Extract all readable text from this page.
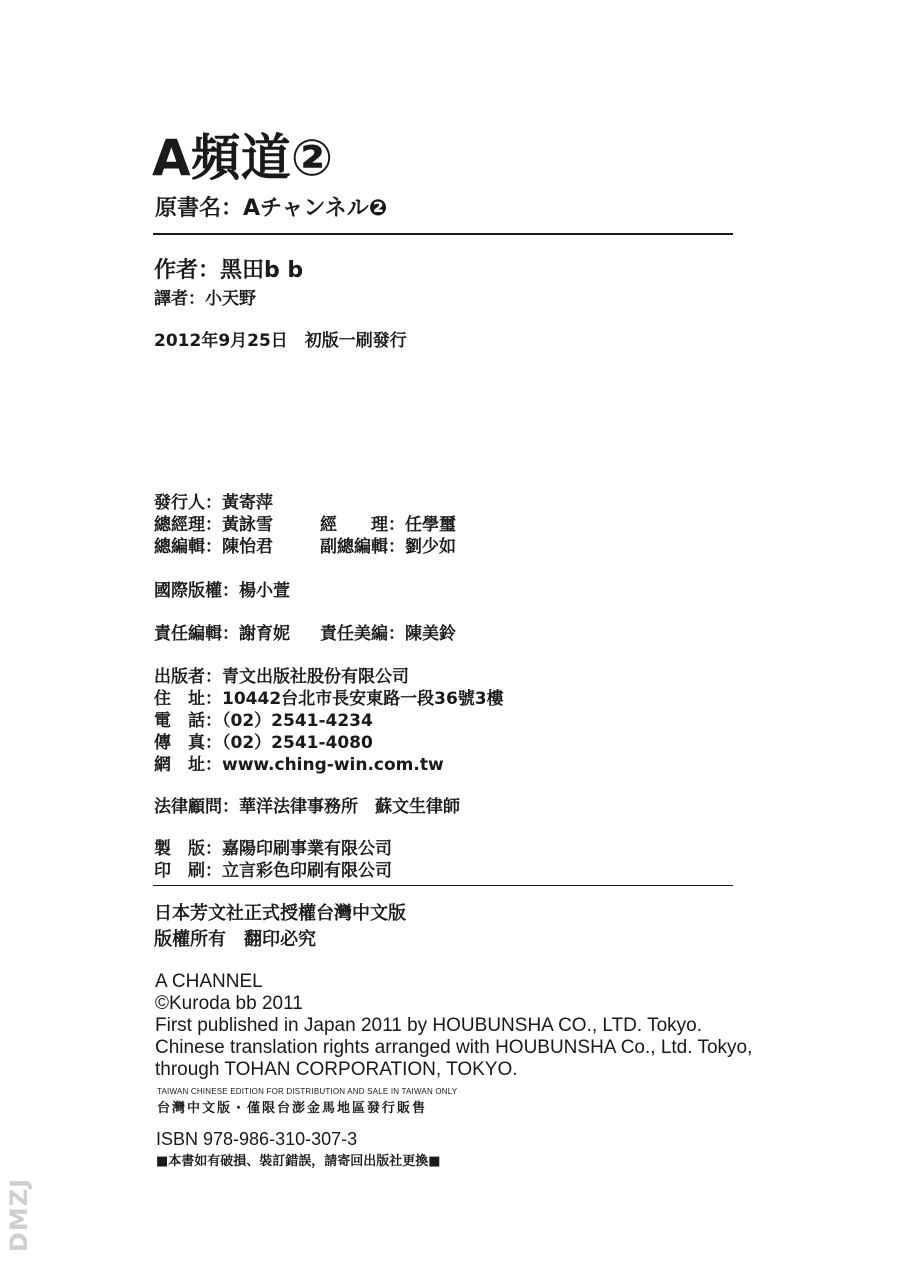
A頻道②
原書名：Aチャンネル❷
作者：黑田b b
譯者：小天野
2012年9月25日　初版一刷發行
發行人：黃寄萍
總經理：黃詠雪	經　　理：任學璽
總編輯：陳怡君	副總編輯：劉少如
國際版權：楊小萱
責任編輯：謝育妮 責任美編：陳美鈴
出版者：青文出版社股份有限公司
住　址：10442台北市長安東路一段36號3樓
電　話：（02）2541-4234
傳　真：（02）2541-4080
網　址：www.ching-win.com.tw
法律顧問：華洋法律事務所　蘇文生律師
製　版：嘉陽印刷事業有限公司
印　刷：立言彩色印刷有限公司
日本芳文社正式授權台灣中文版
版權所有　翻印必究
A CHANNEL
©Kuroda bb 2011
First published in Japan 2011 by HOUBUNSHA CO., LTD. Tokyo.
Chinese translation rights arranged with HOUBUNSHA Co., Ltd. Tokyo,
through TOHAN CORPORATION, TOKYO.
TAIWAN CHINESE EDITION FOR DISTRIBUTION AND SALE IN TAIWAN ONLY
台灣中文版・僅限台澎金馬地區發行販售
ISBN 978-986-310-307-3
■本書如有破損、裝訂錯誤，請寄回出版社更換■
DMZJ
